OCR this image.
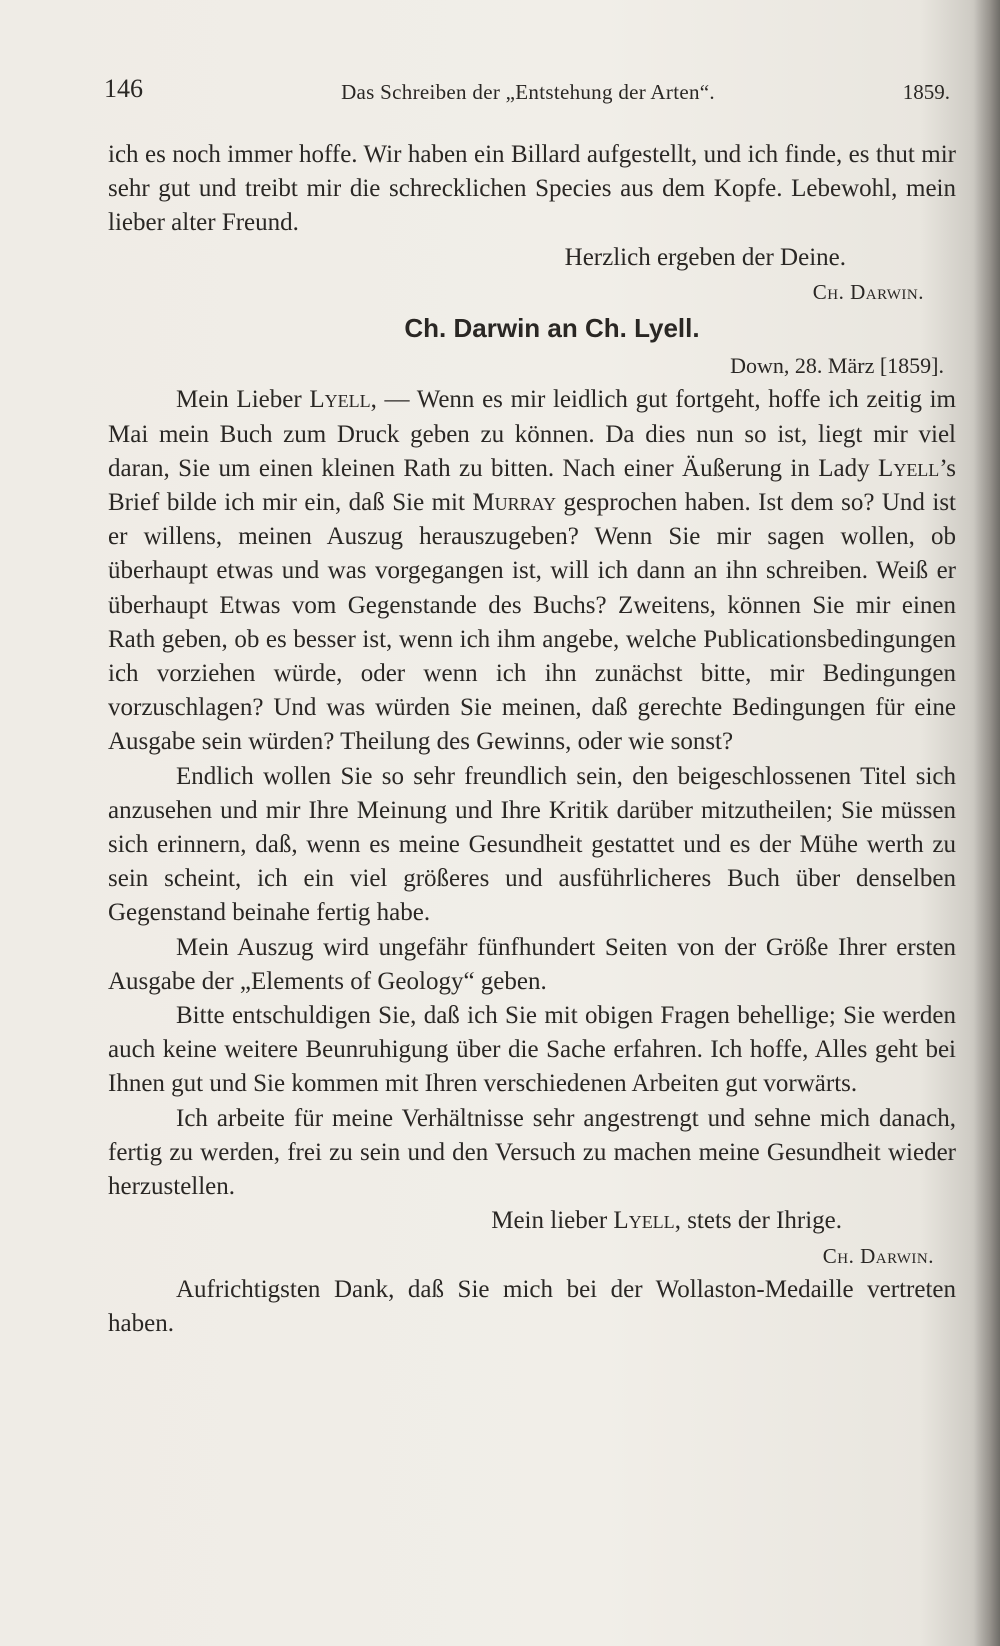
146	Das Schreiben der „Entstehung der Arten“.	1859.

ich es noch immer hoffe. Wir haben ein Billard aufgestellt, und ich finde, es thut mir sehr gut und treibt mir die schrecklichen Species aus dem Kopfe. Lebewohl, mein lieber alter Freund.

Herzlich ergeben der Deine.

Ch. Darwin.

Ch. Darwin an Ch. Lyell.

Down, 28. März [1859].

Mein Lieber Lyell, — Wenn es mir leidlich gut fortgeht, hoffe ich zeitig im Mai mein Buch zum Druck geben zu können. Da dies nun so ist, liegt mir viel daran, Sie um einen kleinen Rath zu bitten. Nach einer Äußerung in Lady Lyell’s Brief bilde ich mir ein, daß Sie mit Murray gesprochen haben. Ist dem so? Und ist er willens, meinen Auszug herauszugeben? Wenn Sie mir sagen wollen, ob überhaupt etwas und was vorgegangen ist, will ich dann an ihn schreiben. Weiß er überhaupt Etwas vom Gegenstande des Buchs? Zweitens, können Sie mir einen Rath geben, ob es besser ist, wenn ich ihm angebe, welche Publicationsbedingungen ich vorziehen würde, oder wenn ich ihn zunächst bitte, mir Bedingungen vorzuschlagen? Und was würden Sie meinen, daß gerechte Bedingungen für eine Ausgabe sein würden? Theilung des Gewinns, oder wie sonst?

Endlich wollen Sie so sehr freundlich sein, den beigeschlossenen Titel sich anzusehen und mir Ihre Meinung und Ihre Kritik darüber mitzutheilen; Sie müssen sich erinnern, daß, wenn es meine Gesundheit gestattet und es der Mühe werth zu sein scheint, ich ein viel größeres und ausführlicheres Buch über denselben Gegenstand beinahe fertig habe.

Mein Auszug wird ungefähr fünfhundert Seiten von der Größe Ihrer ersten Ausgabe der „Elements of Geology“ geben.

Bitte entschuldigen Sie, daß ich Sie mit obigen Fragen behellige; Sie werden auch keine weitere Beunruhigung über die Sache erfahren. Ich hoffe, Alles geht bei Ihnen gut und Sie kommen mit Ihren verschiedenen Arbeiten gut vorwärts.

Ich arbeite für meine Verhältnisse sehr angestrengt und sehne mich danach, fertig zu werden, frei zu sein und den Versuch zu machen meine Gesundheit wieder herzustellen.

Mein lieber Lyell, stets der Ihrige.

Ch. Darwin.

Aufrichtigsten Dank, daß Sie mich bei der Wollaston-Medaille vertreten haben.
